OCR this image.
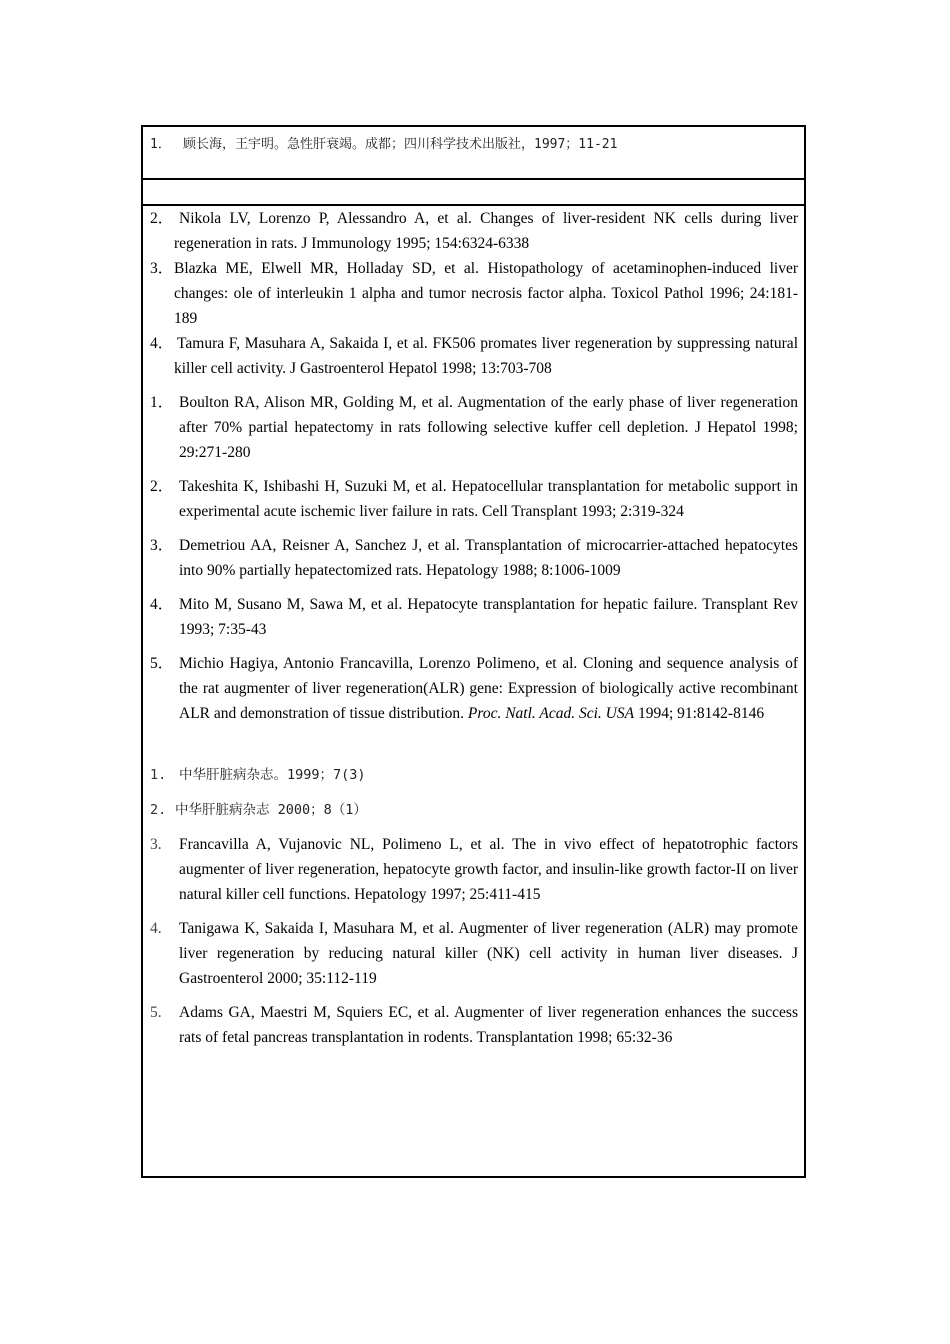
1． 顾长海，王宇明。急性肝衰竭。成都；四川科学技术出版社，1997；11-21
2． Nikola LV, Lorenzo P, Alessandro A, et al. Changes of liver-resident NK cells during liver regeneration in rats. J Immunology 1995; 154:6324-6338
3． Blazka ME, Elwell MR, Holladay SD, et al. Histopathology of acetaminophen-induced liver changes: ole of interleukin 1 alpha and tumor necrosis factor alpha. Toxicol Pathol 1996; 24:181-189
4． Tamura F, Masuhara A, Sakaida I, et al. FK506 promates liver regeneration by suppressing natural killer cell activity. J Gastroenterol Hepatol 1998; 13:703-708
1． Boulton RA, Alison MR, Golding M, et al. Augmentation of the early phase of liver regeneration after 70% partial hepatectomy in rats following selective kuffer cell depletion. J Hepatol 1998; 29:271-280
2． Takeshita K, Ishibashi H, Suzuki M, et al. Hepatocellular transplantation for metabolic support in experimental acute ischemic liver failure in rats. Cell Transplant 1993; 2:319-324
3． Demetriou AA, Reisner A, Sanchez J, et al. Transplantation of microcarrier-attached hepatocytes into 90% partially hepatectomized rats. Hepatology 1988; 8:1006-1009
4． Mito M, Susano M, Sawa M, et al. Hepatocyte transplantation for hepatic failure. Transplant Rev 1993; 7:35-43
5． Michio Hagiya, Antonio Francavilla, Lorenzo Polimeno, et al. Cloning and sequence analysis of the rat augmenter of liver regeneration(ALR) gene: Expression of biologically active recombinant ALR and demonstration of tissue distribution. Proc. Natl. Acad. Sci. USA 1994; 91:8142-8146
1. 中华肝脏病杂志。1999；7(3)
2. 中华肝脏病杂志 2000；8（1）
3. Francavilla A, Vujanovic NL, Polimeno L, et al. The in vivo effect of hepatotrophic factors augmenter of liver regeneration, hepatocyte growth factor, and insulin-like growth factor-II on liver natural killer cell functions. Hepatology 1997; 25:411-415
4. Tanigawa K, Sakaida I, Masuhara M, et al. Augmenter of liver regeneration (ALR) may promote liver regeneration by reducing natural killer (NK) cell activity in human liver diseases. J Gastroenterol 2000; 35:112-119
5. Adams GA, Maestri M, Squiers EC, et al. Augmenter of liver regeneration enhances the success rats of fetal pancreas transplantation in rodents. Transplantation 1998; 65:32-36
